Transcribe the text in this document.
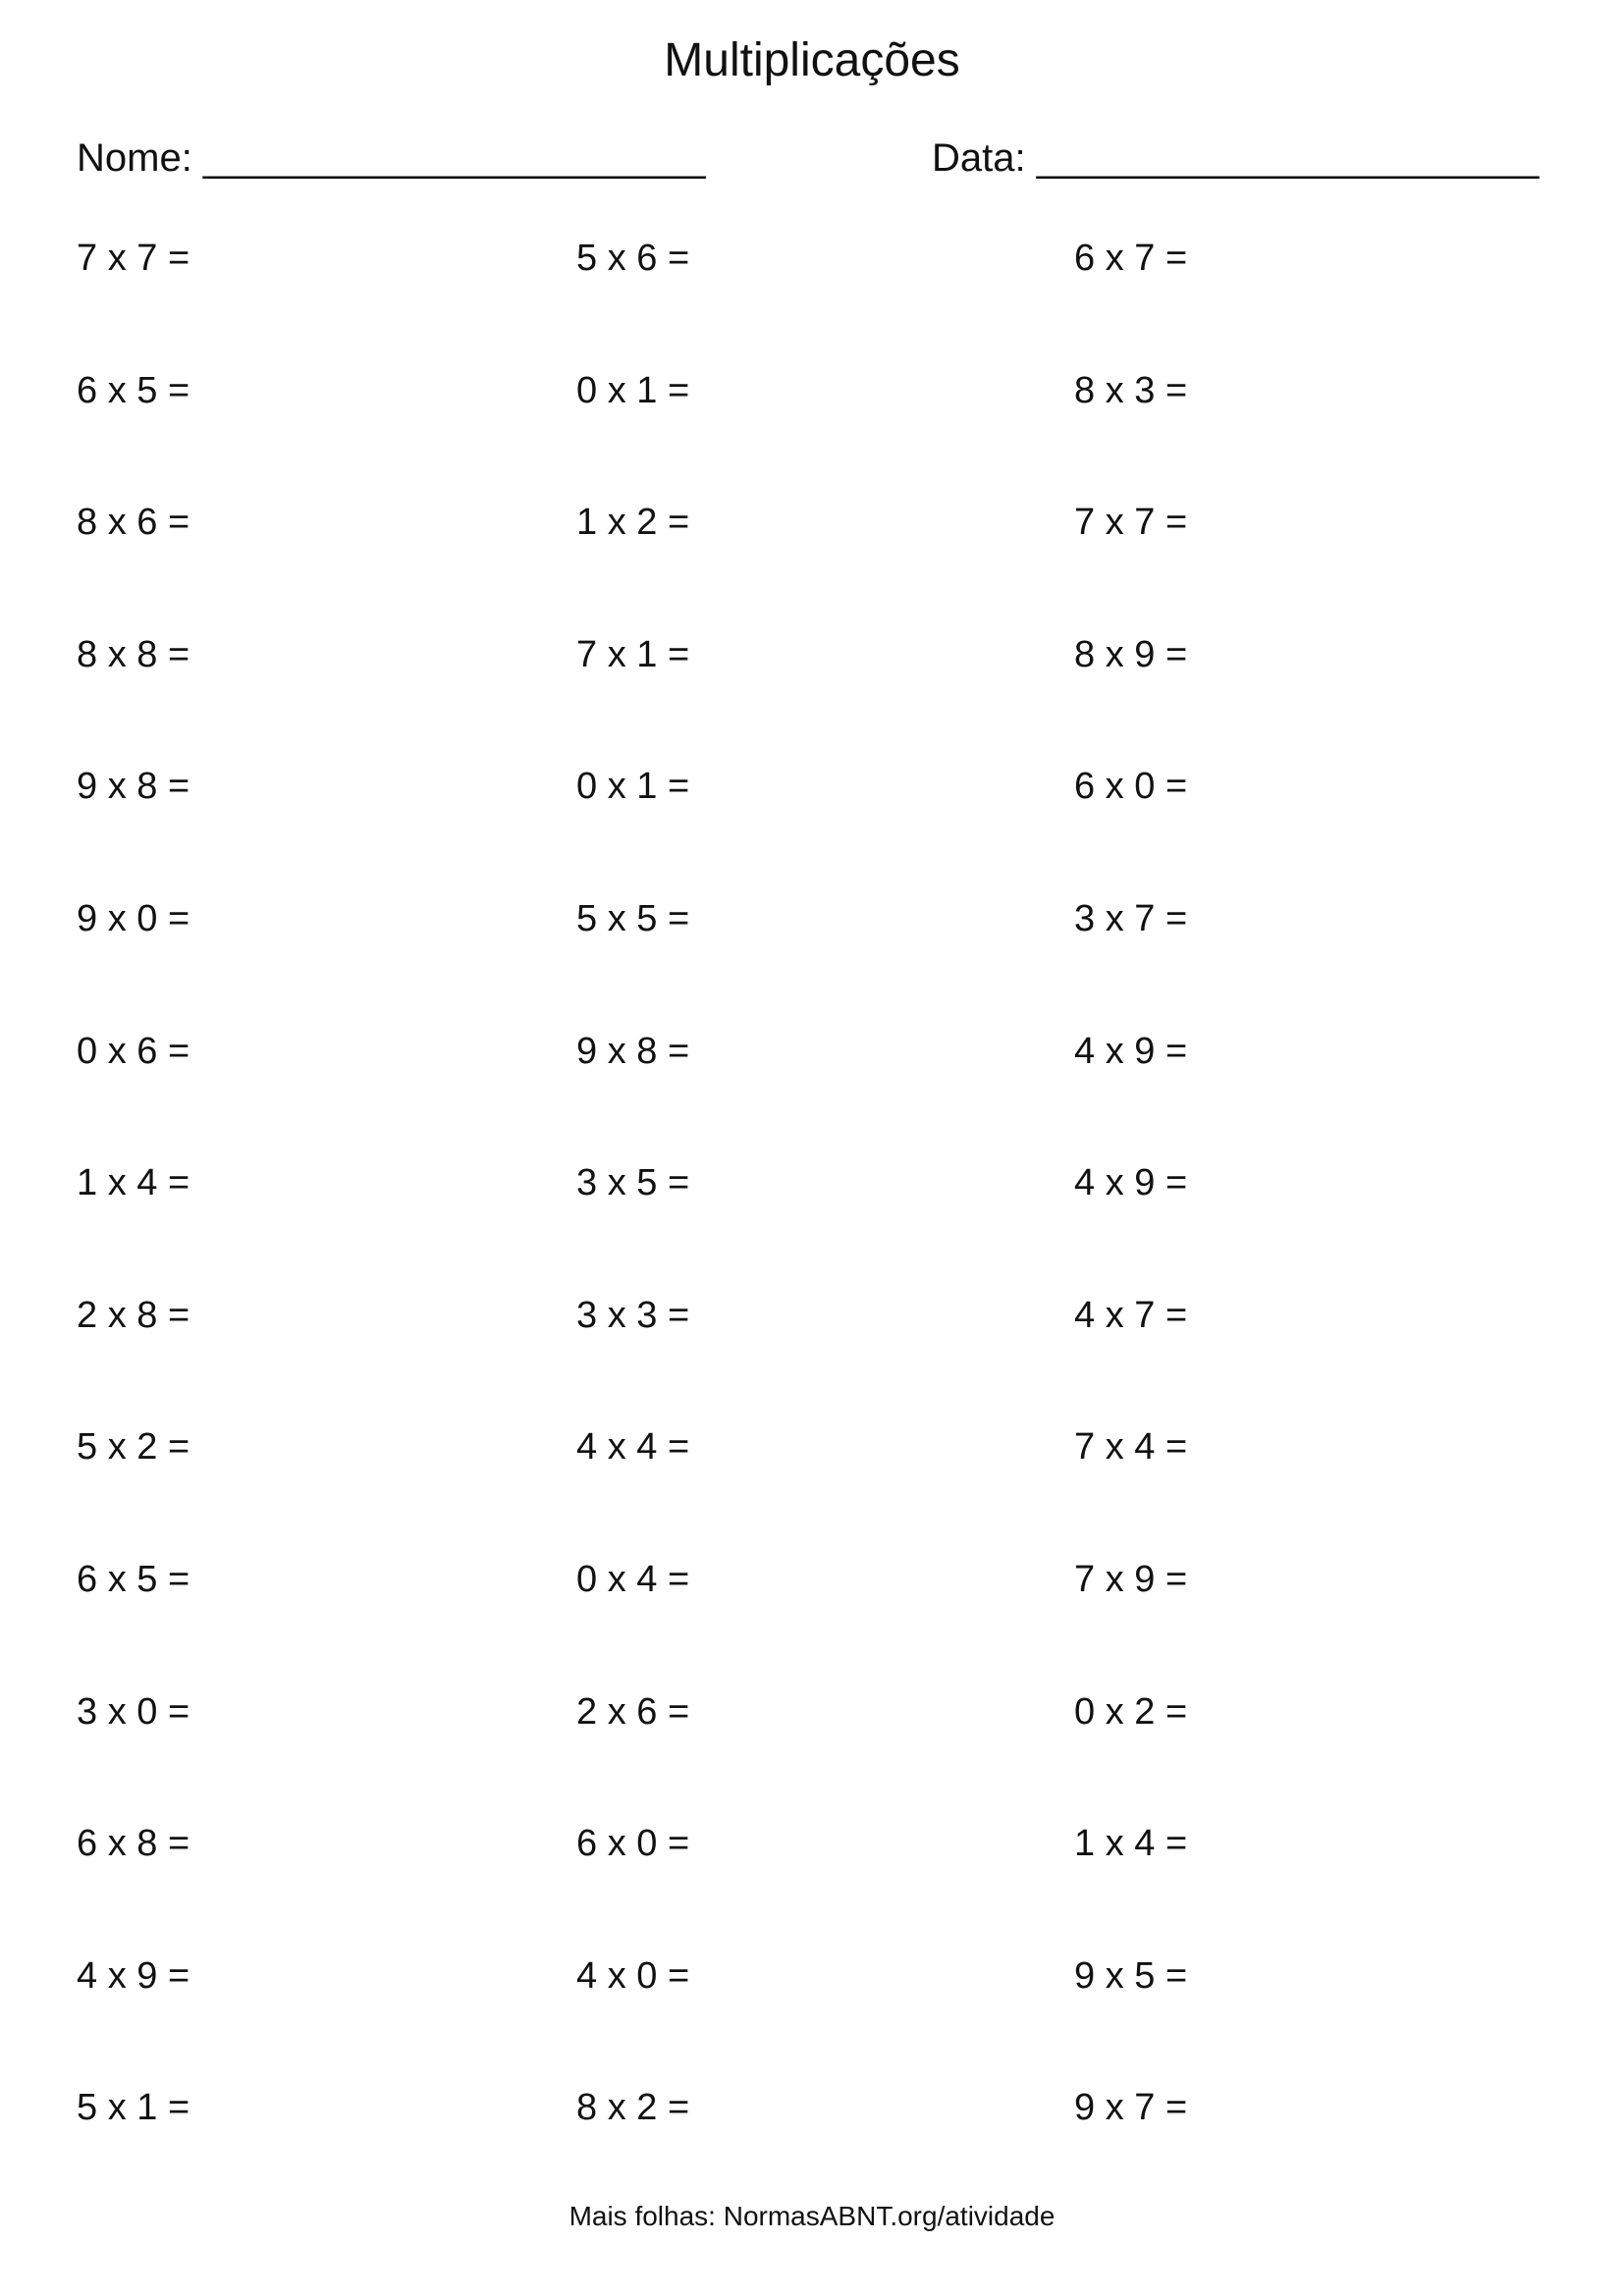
Multiplicações
Nome: _______________________	Data: _______________________
7 x 7 =
6 x 5 =
8 x 6 =
8 x 8 =
9 x 8 =
9 x 0 =
0 x 6 =
1 x 4 =
2 x 8 =
5 x 2 =
6 x 5 =
3 x 0 =
6 x 8 =
4 x 9 =
5 x 1 =
5 x 6 =
0 x 1 =
1 x 2 =
7 x 1 =
0 x 1 =
5 x 5 =
9 x 8 =
3 x 5 =
3 x 3 =
4 x 4 =
0 x 4 =
2 x 6 =
6 x 0 =
4 x 0 =
8 x 2 =
6 x 7 =
8 x 3 =
7 x 7 =
8 x 9 =
6 x 0 =
3 x 7 =
4 x 9 =
4 x 9 =
4 x 7 =
7 x 4 =
7 x 9 =
0 x 2 =
1 x 4 =
9 x 5 =
9 x 7 =
Mais folhas: NormasABNT.org/atividade
